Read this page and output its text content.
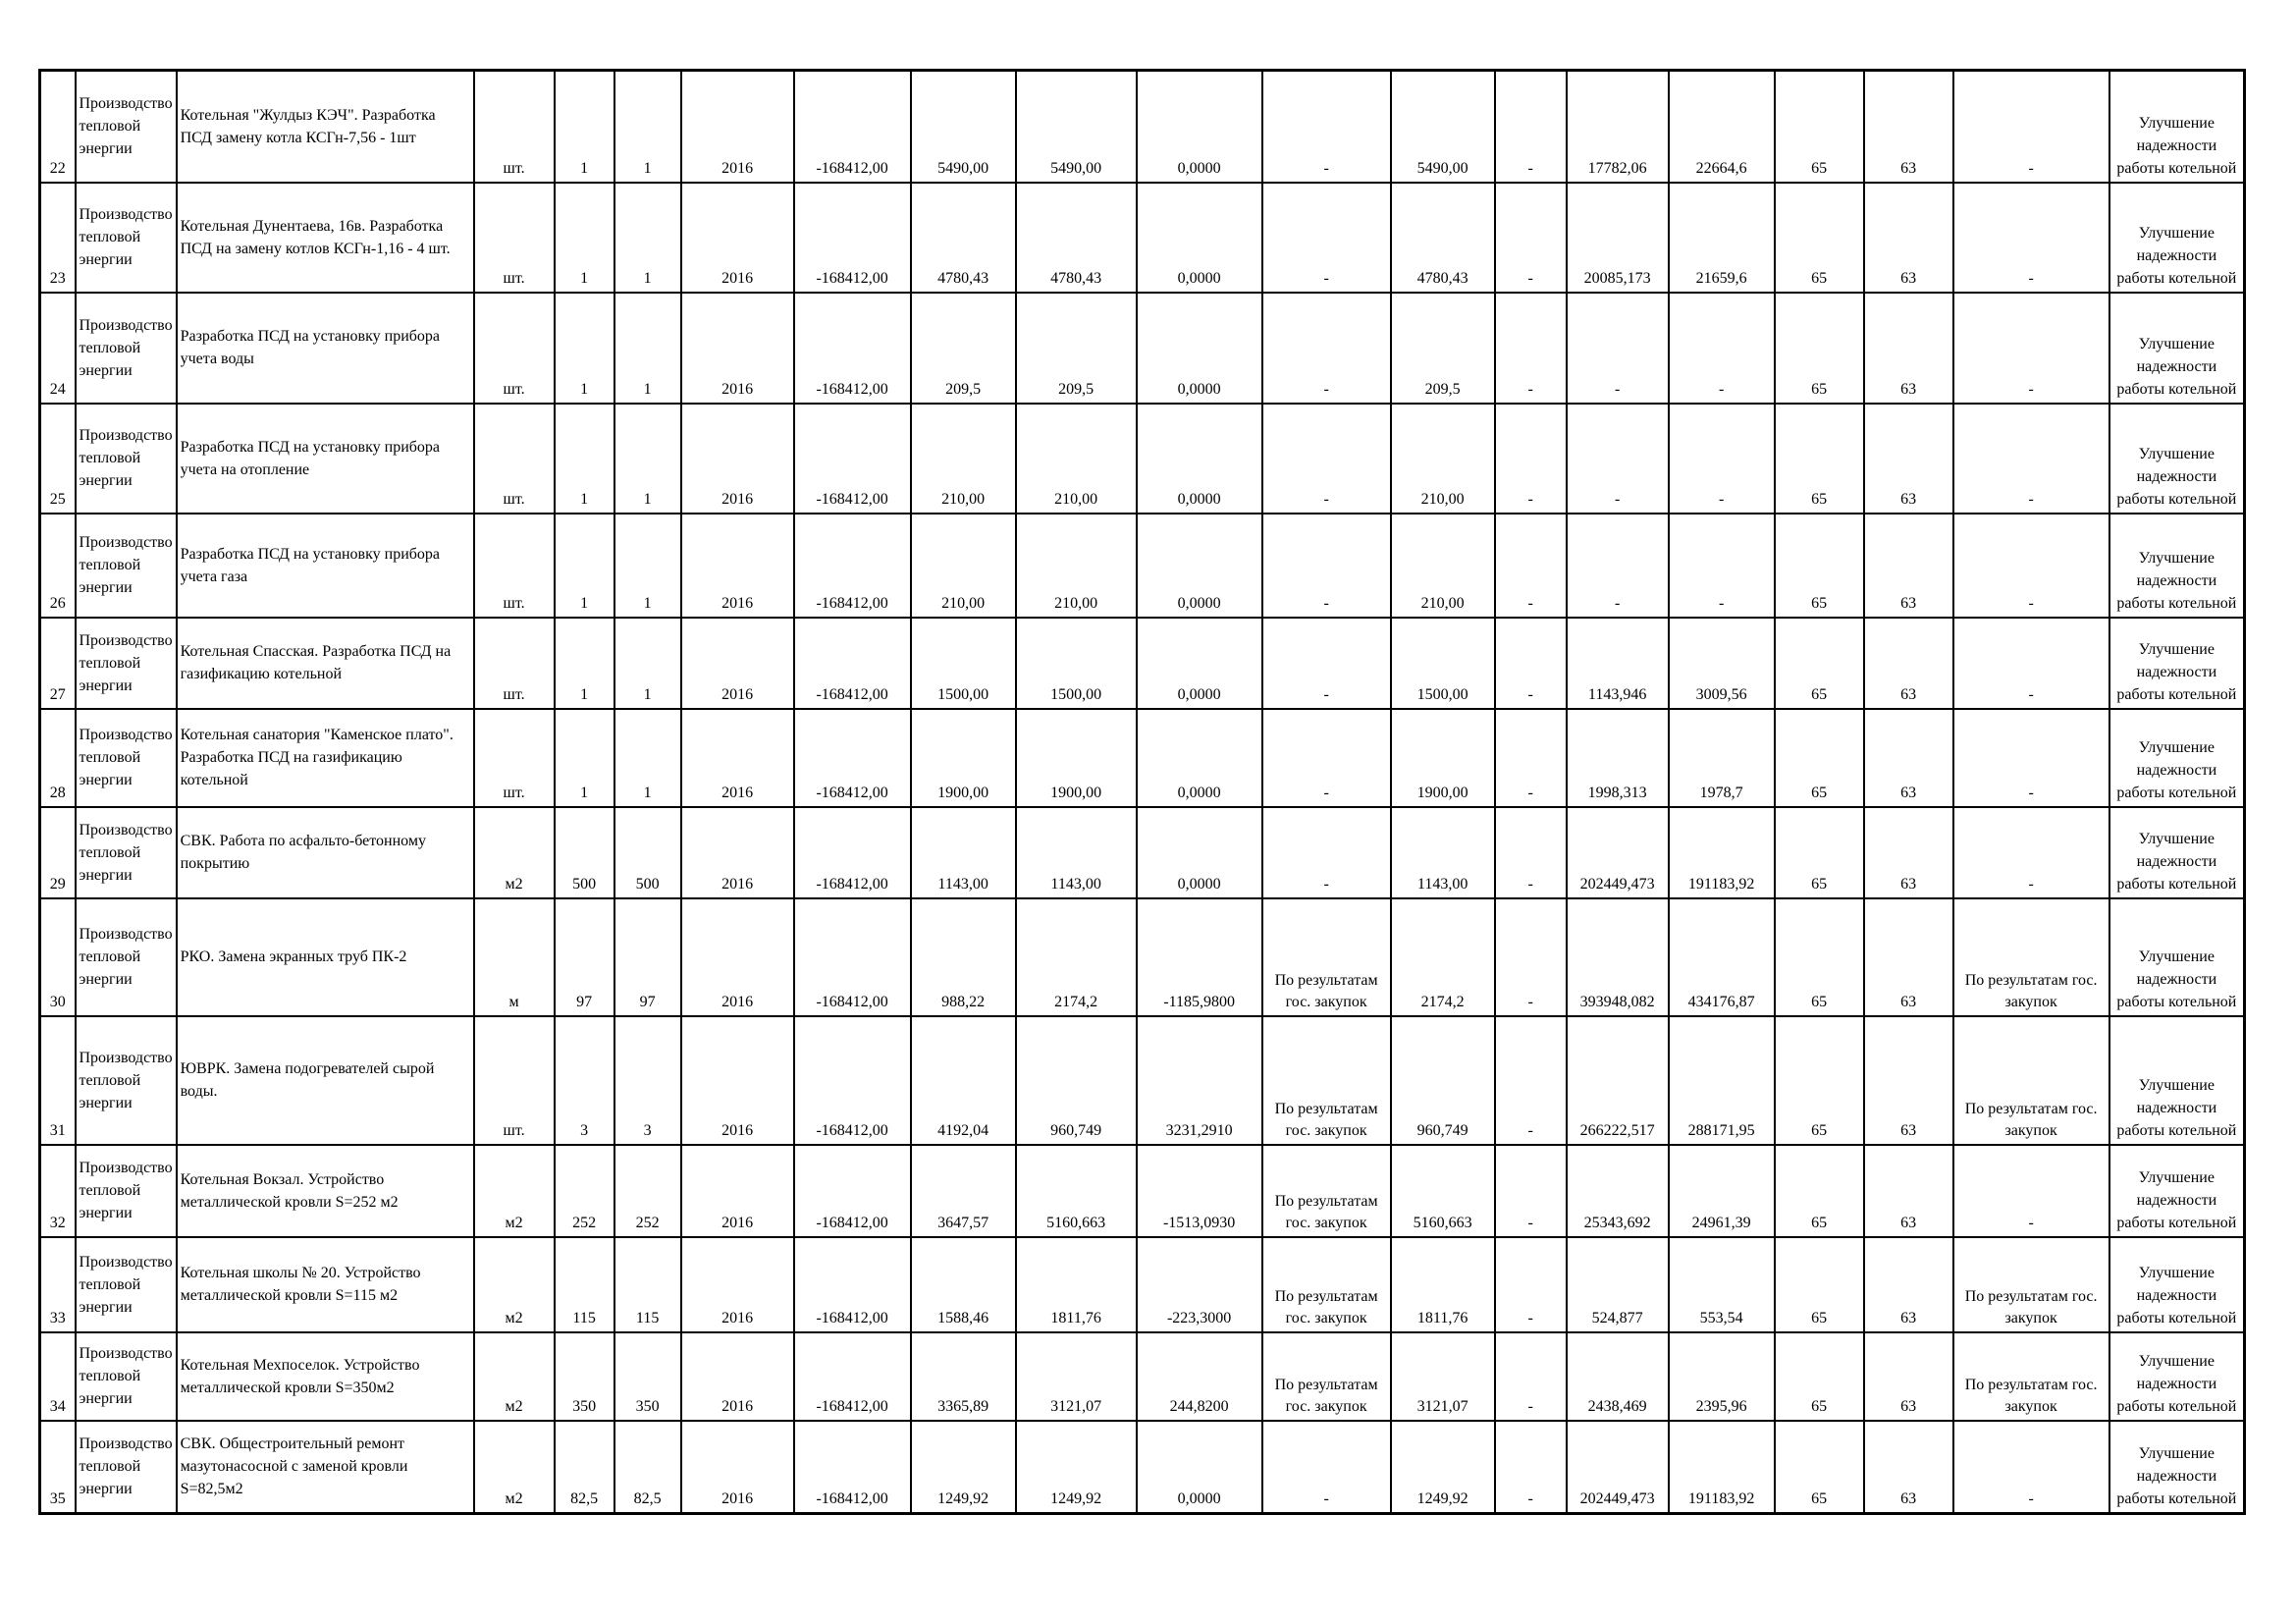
22	Производство тепловой энергии	Котельная "Жулдыз КЭЧ". Разработка ПСД замену котла КСГн-7,56 - 1шт	шт.	1	1	2016	-168412,00	5490,00	5490,00	0,0000	-	5490,00	-	17782,06	22664,6	65	63	-	Улучшение надежности работы котельной
23	Производство тепловой энергии	Котельная Дунентаева, 16в. Разработка ПСД на замену котлов КСГн-1,16 - 4 шт.	шт.	1	1	2016	-168412,00	4780,43	4780,43	0,0000	-	4780,43	-	20085,173	21659,6	65	63	-	Улучшение надежности работы котельной
24	Производство тепловой энергии	Разработка ПСД на установку прибора учета воды	шт.	1	1	2016	-168412,00	209,5	209,5	0,0000	-	209,5	-	-	-	65	63	-	Улучшение надежности работы котельной
25	Производство тепловой энергии	Разработка ПСД на установку прибора учета на отопление	шт.	1	1	2016	-168412,00	210,00	210,00	0,0000	-	210,00	-	-	-	65	63	-	Улучшение надежности работы котельной
26	Производство тепловой энергии	Разработка ПСД на установку прибора учета газа	шт.	1	1	2016	-168412,00	210,00	210,00	0,0000	-	210,00	-	-	-	65	63	-	Улучшение надежности работы котельной
27	Производство тепловой энергии	Котельная Спасская. Разработка ПСД на газификацию котельной	шт.	1	1	2016	-168412,00	1500,00	1500,00	0,0000	-	1500,00	-	1143,946	3009,56	65	63	-	Улучшение надежности работы котельной
28	Производство тепловой энергии	Котельная санатория "Каменское плато". Разработка ПСД на газификацию котельной	шт.	1	1	2016	-168412,00	1900,00	1900,00	0,0000	-	1900,00	-	1998,313	1978,7	65	63	-	Улучшение надежности работы котельной
29	Производство тепловой энергии	СВК. Работа по асфальто-бетонному покрытию	м2	500	500	2016	-168412,00	1143,00	1143,00	0,0000	-	1143,00	-	202449,473	191183,92	65	63	-	Улучшение надежности работы котельной
30	Производство тепловой энергии	РКО. Замена экранных труб ПК-2	м	97	97	2016	-168412,00	988,22	2174,2	-1185,9800	По результатам гос. закупок	2174,2	-	393948,082	434176,87	65	63	По результатам гос. закупок	Улучшение надежности работы котельной
31	Производство тепловой энергии	ЮВРК. Замена подогревателей сырой воды.	шт.	3	3	2016	-168412,00	4192,04	960,749	3231,2910	По результатам гос. закупок	960,749	-	266222,517	288171,95	65	63	По результатам гос. закупок	Улучшение надежности работы котельной
32	Производство тепловой энергии	Котельная Вокзал. Устройство металлической кровли S=252 м2	м2	252	252	2016	-168412,00	3647,57	5160,663	-1513,0930	По результатам гос. закупок	5160,663	-	25343,692	24961,39	65	63	-	Улучшение надежности работы котельной
33	Производство тепловой энергии	Котельная школы № 20. Устройство металлической кровли S=115 м2	м2	115	115	2016	-168412,00	1588,46	1811,76	-223,3000	По результатам гос. закупок	1811,76	-	524,877	553,54	65	63	По результатам гос. закупок	Улучшение надежности работы котельной
34	Производство тепловой энергии	Котельная Мехпоселок. Устройство металлической кровли S=350м2	м2	350	350	2016	-168412,00	3365,89	3121,07	244,8200	По результатам гос. закупок	3121,07	-	2438,469	2395,96	65	63	По результатам гос. закупок	Улучшение надежности работы котельной
35	Производство тепловой энергии	СВК. Общестроительный ремонт мазутонасосной с заменой кровли S=82,5м2	м2	82,5	82,5	2016	-168412,00	1249,92	1249,92	0,0000	-	1249,92	-	202449,473	191183,92	65	63	-	Улучшение надежности работы котельной
